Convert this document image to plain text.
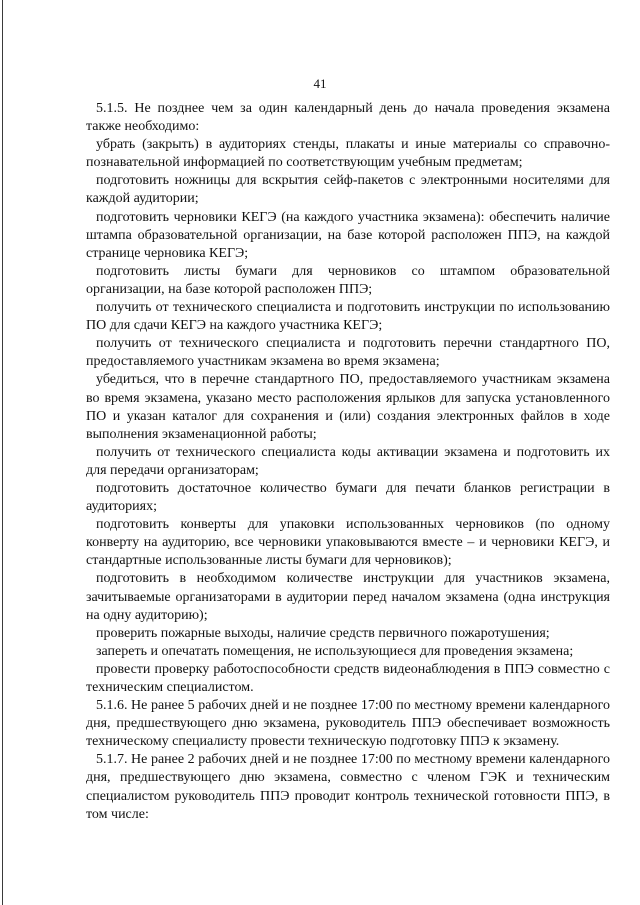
41

5.1.5. Не позднее чем за один календарный день до начала проведения экзамена также необходимо:

убрать (закрыть) в аудиториях стенды, плакаты и иные материалы со справочно-познавательной информацией по соответствующим учебным предметам;

подготовить ножницы для вскрытия сейф-пакетов с электронными носителями для каждой аудитории;

подготовить черновики КЕГЭ (на каждого участника экзамена): обеспечить наличие штампа образовательной организации, на базе которой расположен ППЭ, на каждой странице черновика КЕГЭ;

подготовить листы бумаги для черновиков со штампом образовательной организации, на базе которой расположен ППЭ;

получить от технического специалиста и подготовить инструкции по использованию ПО для сдачи КЕГЭ на каждого участника КЕГЭ;

получить от технического специалиста и подготовить перечни стандартного ПО, предоставляемого участникам экзамена во время экзамена;

убедиться, что в перечне стандартного ПО, предоставляемого участникам экзамена во время экзамена, указано место расположения ярлыков для запуска установленного ПО и указан каталог для сохранения и (или) создания электронных файлов в ходе выполнения экзаменационной работы;

получить от технического специалиста коды активации экзамена и подготовить их для передачи организаторам;

подготовить достаточное количество бумаги для печати бланков регистрации в аудиториях;

подготовить конверты для упаковки использованных черновиков (по одному конверту на аудиторию, все черновики упаковываются вместе – и черновики КЕГЭ, и стандартные использованные листы бумаги для черновиков);

подготовить в необходимом количестве инструкции для участников экзамена, зачитываемые организаторами в аудитории перед началом экзамена (одна инструкция на одну аудиторию);

проверить пожарные выходы, наличие средств первичного пожаротушения;

запереть и опечатать помещения, не использующиеся для проведения экзамена;

провести проверку работоспособности средств видеонаблюдения в ППЭ совместно с техническим специалистом.

5.1.6. Не ранее 5 рабочих дней и не позднее 17:00 по местному времени календарного дня, предшествующего дню экзамена, руководитель ППЭ обеспечивает возможность техническому специалисту провести техническую подготовку ППЭ к экзамену.

5.1.7. Не ранее 2 рабочих дней и не позднее 17:00 по местному времени календарного дня, предшествующего дню экзамена, совместно с членом ГЭК и техническим специалистом руководитель ППЭ проводит контроль технической готовности ППЭ, в том числе:
